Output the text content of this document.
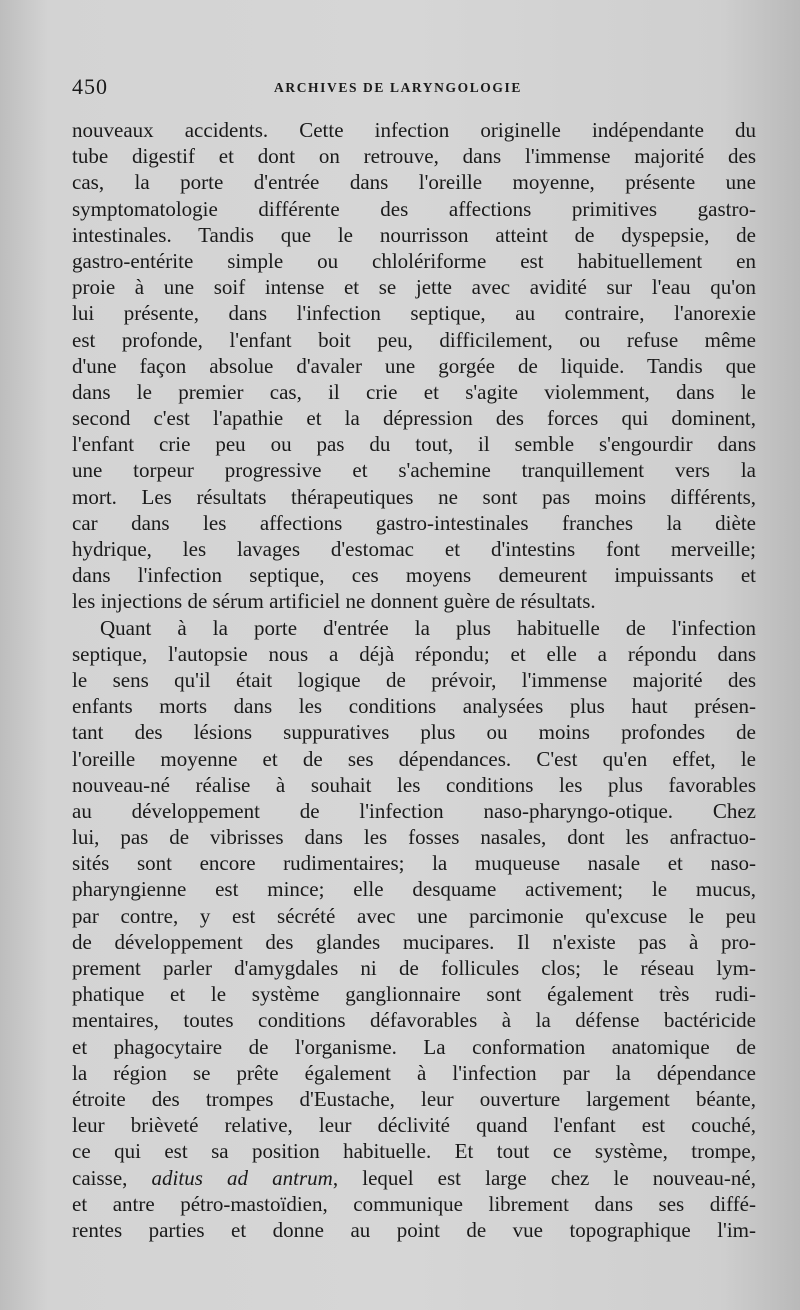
450	ARCHIVES DE LARYNGOLOGIE
nouveaux accidents. Cette infection originelle indépendante du
tube digestif et dont on retrouve, dans l'immense majorité des
cas, la porte d'entrée dans l'oreille moyenne, présente une
symptomatologie différente des affections primitives gastro-
intestinales. Tandis que le nourrisson atteint de dyspepsie, de
gastro-entérite simple ou chlolériforme est habituellement en
proie à une soif intense et se jette avec avidité sur l'eau qu'on
lui présente, dans l'infection septique, au contraire, l'anorexie
est profonde, l'enfant boit peu, difficilement, ou refuse même
d'une façon absolue d'avaler une gorgée de liquide. Tandis que
dans le premier cas, il crie et s'agite violemment, dans le
second c'est l'apathie et la dépression des forces qui dominent,
l'enfant crie peu ou pas du tout, il semble s'engourdir dans
une torpeur progressive et s'achemine tranquillement vers la
mort. Les résultats thérapeutiques ne sont pas moins différents,
car dans les affections gastro-intestinales franches la diète
hydrique, les lavages d'estomac et d'intestins font merveille;
dans l'infection septique, ces moyens demeurent impuissants et
les injections de sérum artificiel ne donnent guère de résultats.
Quant à la porte d'entrée la plus habituelle de l'infection
septique, l'autopsie nous a déjà répondu; et elle a répondu dans
le sens qu'il était logique de prévoir, l'immense majorité des
enfants morts dans les conditions analysées plus haut présen-
tant des lésions suppuratives plus ou moins profondes de
l'oreille moyenne et de ses dépendances. C'est qu'en effet, le
nouveau-né réalise à souhait les conditions les plus favorables
au développement de l'infection naso-pharyngo-otique. Chez
lui, pas de vibrisses dans les fosses nasales, dont les anfractuo-
sités sont encore rudimentaires; la muqueuse nasale et naso-
pharyngienne est mince; elle desquame activement; le mucus,
par contre, y est sécrété avec une parcimonie qu'excuse le peu
de développement des glandes mucipares. Il n'existe pas à pro-
prement parler d'amygdales ni de follicules clos; le réseau lym-
phatique et le système ganglionnaire sont également très rudi-
mentaires, toutes conditions défavorables à la défense bactéricide
et phagocytaire de l'organisme. La conformation anatomique de
la région se prête également à l'infection par la dépendance
étroite des trompes d'Eustache, leur ouverture largement béante,
leur brièveté relative, leur déclivité quand l'enfant est couché,
ce qui est sa position habituelle. Et tout ce système, trompe,
caisse, aditus ad antrum, lequel est large chez le nouveau-né,
et antre pétro-mastoïdien, communique librement dans ses diffé-
rentes parties et donne au point de vue topographique l'im-
